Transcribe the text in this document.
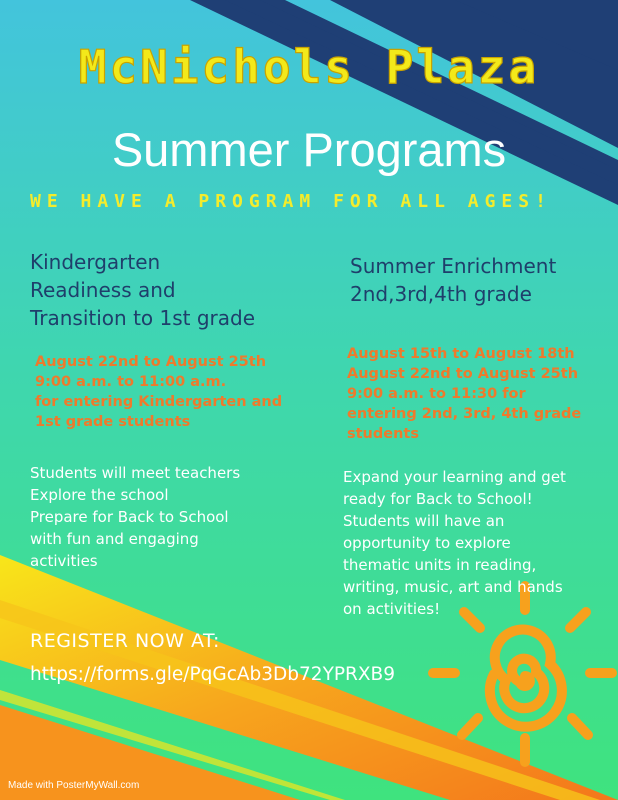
McNichols Plaza
Summer Programs
WE HAVE A PROGRAM FOR ALL AGES!
Kindergarten
Readiness and
Transition to 1st grade
Summer Enrichment
2nd,3rd,4th grade
August 22nd to August 25th
9:00 a.m. to 11:00 a.m.
for entering Kindergarten and
1st grade students
August 15th to August 18th
August 22nd to August 25th
9:00 a.m. to 11:30 for
entering 2nd, 3rd, 4th grade
students
Students will meet teachers
Explore the school
Prepare for Back to School
with fun and engaging
activities
Expand your learning and get
ready for Back to School!
Students will have an
opportunity to explore
thematic units in reading,
writing, music, art and hands
on activities!
REGISTER NOW AT:
https://forms.gle/PqGcAb3Db72YPRXB9
Made with PosterMyWall.com
